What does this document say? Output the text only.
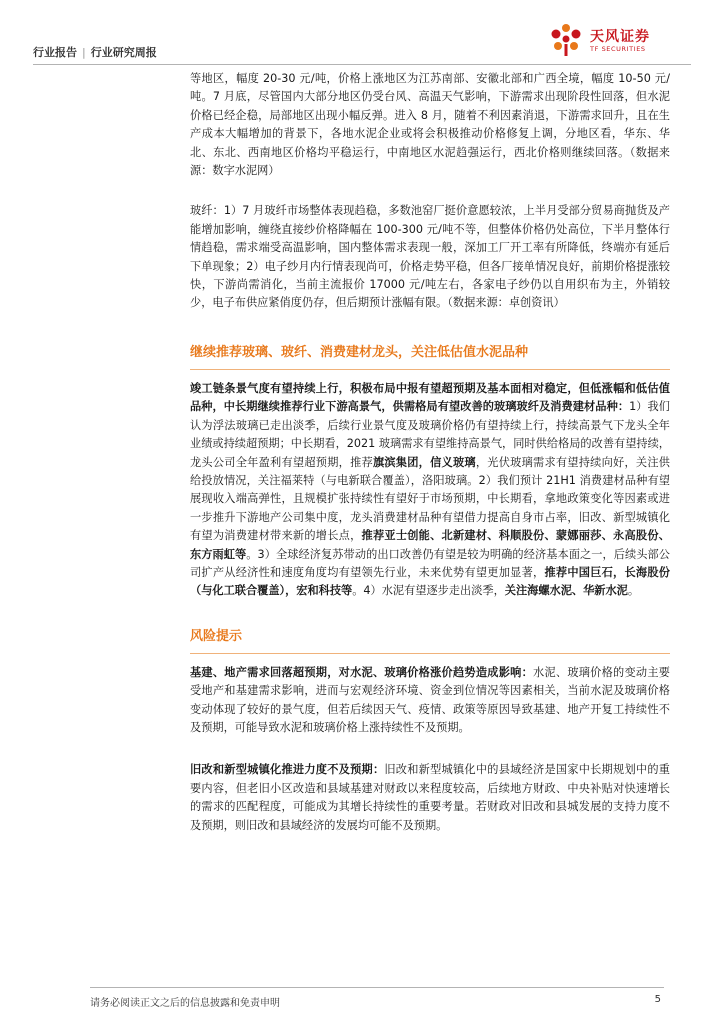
行业报告 | 行业研究周报
天风证券
TF SECURITIES

等地区，幅度 20-30 元/吨，价格上涨地区为江苏南部、安徽北部和广西全境，幅度 10-50 元/吨。7 月底，尽管国内大部分地区仍受台风、高温天气影响，下游需求出现阶段性回落，但水泥价格已经企稳，局部地区出现小幅反弹。进入 8 月，随着不利因素消退，下游需求回升，且在生产成本大幅增加的背景下，各地水泥企业或将会积极推动价格修复上调，分地区看，华东、华北、东北、西南地区价格均平稳运行，中南地区水泥趋强运行，西北价格则继续回落。（数据来源：数字水泥网）

玻纤：1）7 月玻纤市场整体表现趋稳，多数池窑厂挺价意愿较浓，上半月受部分贸易商抛货及产能增加影响，缠绕直接纱价格降幅在 100-300 元/吨不等，但整体价格仍处高位，下半月整体行情趋稳，需求端受高温影响，国内整体需求表现一般，深加工厂开工率有所降低，终端亦有延后下单现象；2）电子纱月内行情表现尚可，价格走势平稳，但各厂接单情况良好，前期价格提涨较快，下游尚需消化，当前主流报价 17000 元/吨左右，各家电子纱仍以自用织布为主，外销较少，电子布供应紧俏度仍存，但后期预计涨幅有限。（数据来源：卓创资讯）

继续推荐玻璃、玻纤、消费建材龙头，关注低估值水泥品种

竣工链条景气度有望持续上行，积极布局中报有望超预期及基本面相对稳定，但低涨幅和低估值品种，中长期继续推荐行业下游高景气，供需格局有望改善的玻璃玻纤及消费建材品种：1）我们认为浮法玻璃已走出淡季，后续行业景气度及玻璃价格仍有望持续上行，持续高景气下龙头全年业绩或持续超预期；中长期看，2021 玻璃需求有望维持高景气，同时供给格局的改善有望持续，龙头公司全年盈利有望超预期，推荐旗滨集团，信义玻璃，光伏玻璃需求有望持续向好，关注供给投放情况，关注福莱特（与电新联合覆盖），洛阳玻璃。2）我们预计 21H1 消费建材品种有望展现收入端高弹性，且规模扩张持续性有望好于市场预期，中长期看，拿地政策变化等因素或进一步推升下游地产公司集中度，龙头消费建材品种有望借力提高自身市占率，旧改、新型城镇化有望为消费建材带来新的增长点，推荐亚士创能、北新建材、科顺股份、蒙娜丽莎、永高股份、东方雨虹等。3）全球经济复苏带动的出口改善仍有望是较为明确的经济基本面之一，后续头部公司扩产从经济性和速度角度均有望领先行业，未来优势有望更加显著，推荐中国巨石，长海股份（与化工联合覆盖），宏和科技等。4）水泥有望逐步走出淡季，关注海螺水泥、华新水泥。

风险提示

基建、地产需求回落超预期，对水泥、玻璃价格涨价趋势造成影响：水泥、玻璃价格的变动主要受地产和基建需求影响，进而与宏观经济环境、资金到位情况等因素相关，当前水泥及玻璃价格变动体现了较好的景气度，但若后续因天气、疫情、政策等原因导致基建、地产开复工持续性不及预期，可能导致水泥和玻璃价格上涨持续性不及预期。

旧改和新型城镇化推进力度不及预期：旧改和新型城镇化中的县域经济是国家中长期规划中的重要内容，但老旧小区改造和县域基建对财政以来程度较高，后续地方财政、中央补贴对快速增长的需求的匹配程度，可能成为其增长持续性的重要考量。若财政对旧改和县城发展的支持力度不及预期，则旧改和县域经济的发展均可能不及预期。

请务必阅读正文之后的信息披露和免责申明	5
